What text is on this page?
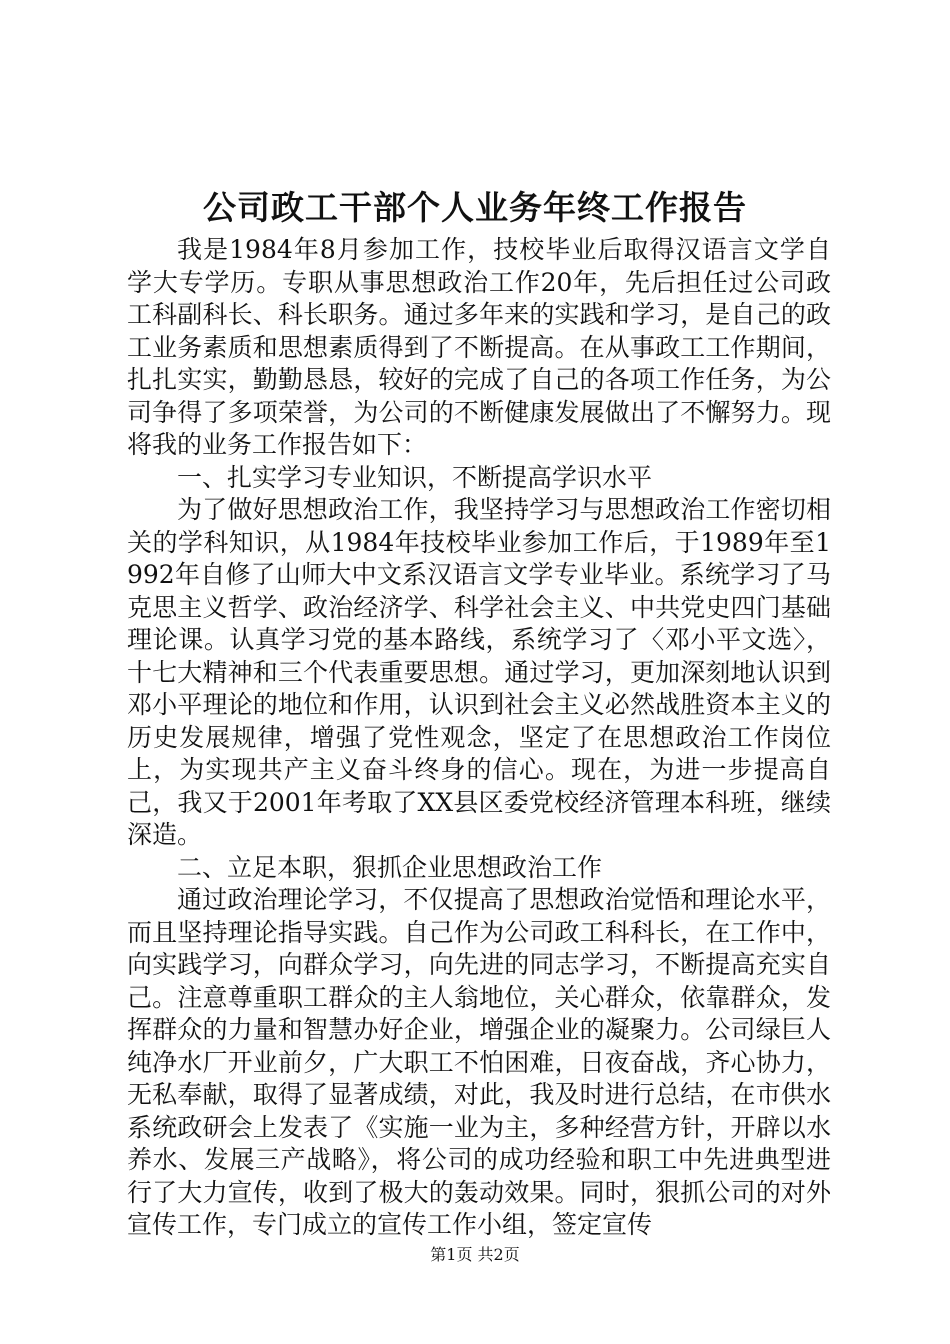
公司政工干部个人业务年终工作报告

我是1984年8月参加工作，技校毕业后取得汉语言文学自学大专学历。专职从事思想政治工作20年，先后担任过公司政工科副科长、科长职务。通过多年来的实践和学习，是自己的政工业务素质和思想素质得到了不断提高。在从事政工工作期间，扎扎实实，勤勤恳恳，较好的完成了自己的各项工作任务，为公司争得了多项荣誉，为公司的不断健康发展做出了不懈努力。现将我的业务工作报告如下：

一、扎实学习专业知识，不断提高学识水平

为了做好思想政治工作，我坚持学习与思想政治工作密切相关的学科知识，从1984年技校毕业参加工作后，于1989年至1992年自修了山师大中文系汉语言文学专业毕业。系统学习了马克思主义哲学、政治经济学、科学社会主义、中共党史四门基础理论课。认真学习党的基本路线，系统学习了〈邓小平文选〉，十七大精神和三个代表重要思想。通过学习，更加深刻地认识到邓小平理论的地位和作用，认识到社会主义必然战胜资本主义的历史发展规律，增强了党性观念，坚定了在思想政治工作岗位上，为实现共产主义奋斗终身的信心。现在，为进一步提高自己，我又于2001年考取了XX县区委党校经济管理本科班，继续深造。

二、立足本职，狠抓企业思想政治工作

通过政治理论学习，不仅提高了思想政治觉悟和理论水平，而且坚持理论指导实践。自己作为公司政工科科长，在工作中，向实践学习，向群众学习，向先进的同志学习，不断提高充实自己。注意尊重职工群众的主人翁地位，关心群众，依靠群众，发挥群众的力量和智慧办好企业，增强企业的凝聚力。公司绿巨人纯净水厂开业前夕，广大职工不怕困难，日夜奋战，齐心协力，无私奉献，取得了显著成绩，对此，我及时进行总结，在市供水系统政研会上发表了《实施一业为主，多种经营方针，开辟以水养水、发展三产战略》，将公司的成功经验和职工中先进典型进行了大力宣传，收到了极大的轰动效果。同时，狠抓公司的对外宣传工作，专门成立的宣传工作小组，签定宣传

第1页 共2页
